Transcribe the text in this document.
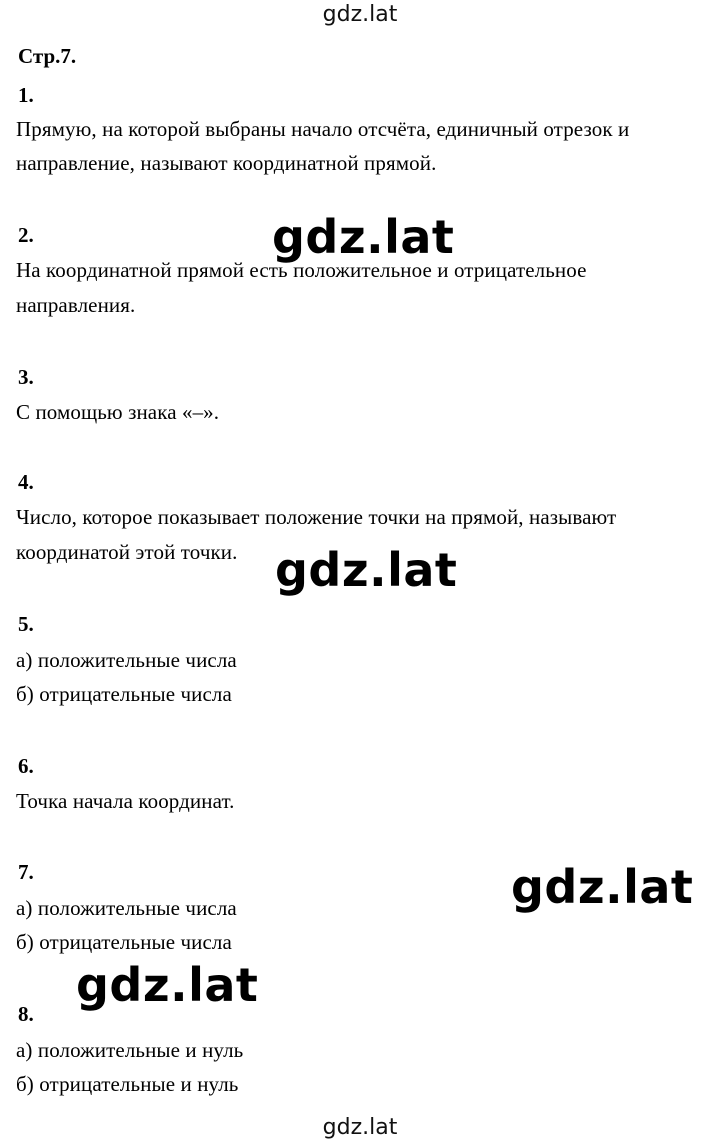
gdz.lat
Стр.7.
1.
Прямую, на которой выбраны начало отсчёта, единичный отрезок и
направление, называют координатной прямой.
2.
На координатной прямой есть положительное и отрицательное
направления.
3.
С помощью знака «–».
4.
Число, которое показывает положение точки на прямой, называют
координатой этой точки.
5.
а) положительные числа
б) отрицательные числа
6.
Точка начала координат.
7.
а) положительные числа
б) отрицательные числа
8.
а) положительные и нуль
б) отрицательные и нуль
gdz.lat
gdz.lat
gdz.lat
gdz.lat
gdz.lat
